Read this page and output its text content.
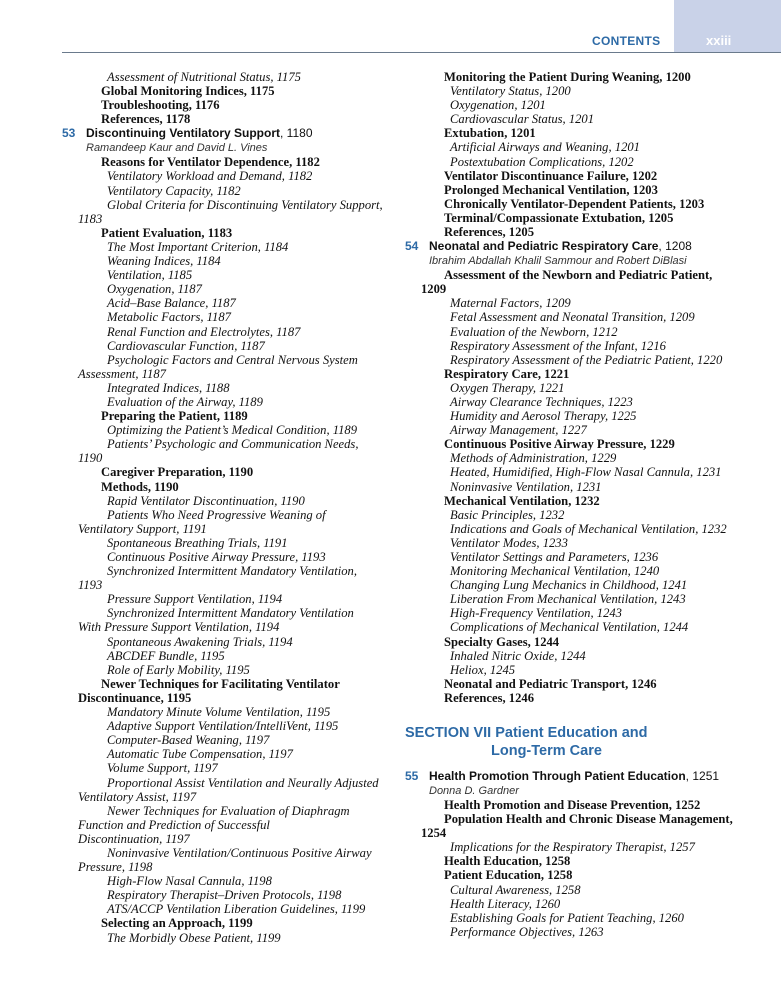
CONTENTS	xxiii
Assessment of Nutritional Status, 1175
Global Monitoring Indices, 1175
Troubleshooting, 1176
References, 1178
53 Discontinuing Ventilatory Support, 1180
Ramandeep Kaur and David L. Vines
Reasons for Ventilator Dependence, 1182
Ventilatory Workload and Demand, 1182
Ventilatory Capacity, 1182
Global Criteria for Discontinuing Ventilatory Support,
1183
Patient Evaluation, 1183
The Most Important Criterion, 1184
Weaning Indices, 1184
Ventilation, 1185
Oxygenation, 1187
Acid–Base Balance, 1187
Metabolic Factors, 1187
Renal Function and Electrolytes, 1187
Cardiovascular Function, 1187
Psychologic Factors and Central Nervous System
Assessment, 1187
Integrated Indices, 1188
Evaluation of the Airway, 1189
Preparing the Patient, 1189
Optimizing the Patient’s Medical Condition, 1189
Patients’ Psychologic and Communication Needs,
1190
Caregiver Preparation, 1190
Methods, 1190
Rapid Ventilator Discontinuation, 1190
Patients Who Need Progressive Weaning of
Ventilatory Support, 1191
Spontaneous Breathing Trials, 1191
Continuous Positive Airway Pressure, 1193
Synchronized Intermittent Mandatory Ventilation,
1193
Pressure Support Ventilation, 1194
Synchronized Intermittent Mandatory Ventilation
With Pressure Support Ventilation, 1194
Spontaneous Awakening Trials, 1194
ABCDEF Bundle, 1195
Role of Early Mobility, 1195
Newer Techniques for Facilitating Ventilator
Discontinuance, 1195
Mandatory Minute Volume Ventilation, 1195
Adaptive Support Ventilation/IntelliVent, 1195
Computer-Based Weaning, 1197
Automatic Tube Compensation, 1197
Volume Support, 1197
Proportional Assist Ventilation and Neurally Adjusted
Ventilatory Assist, 1197
Newer Techniques for Evaluation of Diaphragm
Function and Prediction of Successful
Discontinuation, 1197
Noninvasive Ventilation/Continuous Positive Airway
Pressure, 1198
High-Flow Nasal Cannula, 1198
Respiratory Therapist–Driven Protocols, 1198
ATS/ACCP Ventilation Liberation Guidelines, 1199
Selecting an Approach, 1199
The Morbidly Obese Patient, 1199
Monitoring the Patient During Weaning, 1200
Ventilatory Status, 1200
Oxygenation, 1201
Cardiovascular Status, 1201
Extubation, 1201
Artificial Airways and Weaning, 1201
Postextubation Complications, 1202
Ventilator Discontinuance Failure, 1202
Prolonged Mechanical Ventilation, 1203
Chronically Ventilator-Dependent Patients, 1203
Terminal/Compassionate Extubation, 1205
References, 1205
54 Neonatal and Pediatric Respiratory Care, 1208
Ibrahim Abdallah Khalil Sammour and Robert DiBlasi
Assessment of the Newborn and Pediatric Patient,
1209
Maternal Factors, 1209
Fetal Assessment and Neonatal Transition, 1209
Evaluation of the Newborn, 1212
Respiratory Assessment of the Infant, 1216
Respiratory Assessment of the Pediatric Patient, 1220
Respiratory Care, 1221
Oxygen Therapy, 1221
Airway Clearance Techniques, 1223
Humidity and Aerosol Therapy, 1225
Airway Management, 1227
Continuous Positive Airway Pressure, 1229
Methods of Administration, 1229
Heated, Humidified, High-Flow Nasal Cannula, 1231
Noninvasive Ventilation, 1231
Mechanical Ventilation, 1232
Basic Principles, 1232
Indications and Goals of Mechanical Ventilation, 1232
Ventilator Modes, 1233
Ventilator Settings and Parameters, 1236
Monitoring Mechanical Ventilation, 1240
Changing Lung Mechanics in Childhood, 1241
Liberation From Mechanical Ventilation, 1243
High-Frequency Ventilation, 1243
Complications of Mechanical Ventilation, 1244
Specialty Gases, 1244
Inhaled Nitric Oxide, 1244
Heliox, 1245
Neonatal and Pediatric Transport, 1246
References, 1246
SECTION VII Patient Education and
Long-Term Care
55 Health Promotion Through Patient Education, 1251
Donna D. Gardner
Health Promotion and Disease Prevention, 1252
Population Health and Chronic Disease Management,
1254
Implications for the Respiratory Therapist, 1257
Health Education, 1258
Patient Education, 1258
Cultural Awareness, 1258
Health Literacy, 1260
Establishing Goals for Patient Teaching, 1260
Performance Objectives, 1263
